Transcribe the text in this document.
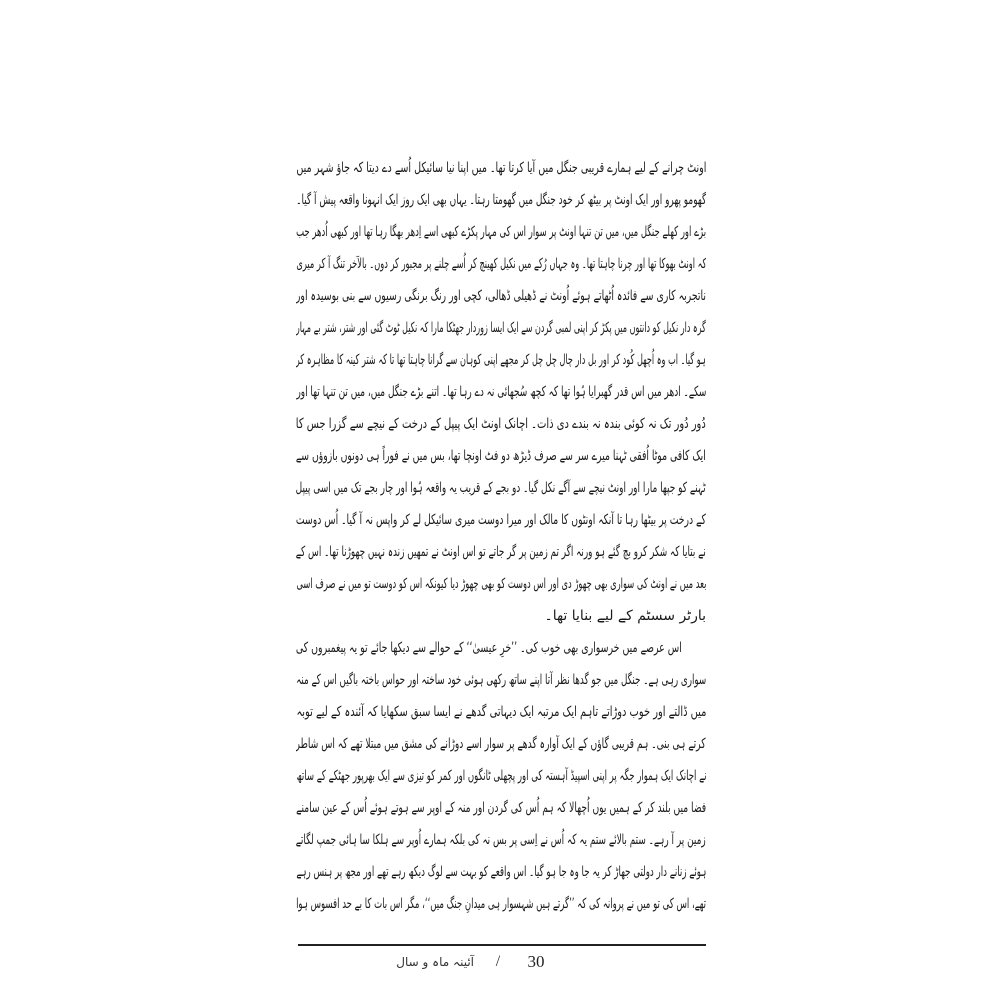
اونٹ چرانے کے لیے ہمارے قریبی جنگل میں آیا کرتا تھا۔ میں اپنا نیا سائیکل اُسے دے دیتا کہ جاؤ شہر میں
گھومو پھرو اور ایک اونٹ پر بیٹھ کر خود جنگل میں گھومتا رہتا۔ یہاں بھی ایک روز ایک انہونا واقعہ پیش آ گیا۔
بڑے اور کھلے جنگل میں، میں تن تنہا اونٹ پر سوار اس کی مہار پکڑے کبھی اسے اِدھر بھگا رہا تھا اور کبھی اُدھر جب
کہ اونٹ بھوکا تھا اور چرنا چاہتا تھا۔ وہ جہاں رُکے میں نکیل کھینچ کر اُسے چلنے پر مجبور کر دوں۔ بالآخر تنگ آ کر میری
ناتجربہ کاری سے فائدہ اُٹھاتے ہوئے اُونٹ نے ڈھیلی ڈھالی، کچی اور رنگ برنگی رسیوں سے بنی بوسیدہ اور
گرہ دار نکیل کو دانتوں میں پکڑ کر اپنی لمبی گردن سے ایک ایسا زوردار جھٹکا مارا کہ نکیل ٹوٹ گئی اور شتر، شتر بے مہار
ہو گیا۔ اب وہ اُچھل کُود کر اور بل دار چال چل چل کر مجھے اپنی کوہان سے گرانا چاہتا تھا تا کہ شتر کینہ کا مظاہرہ کر
سکے۔ ادھر میں اس قدر گھبرایا ہُوا تھا کہ کچھ سُجھائی نہ دے رہا تھا۔ اتنے بڑے جنگل میں، میں تن تنہا تھا اور
دُور دُور تک نہ کوئی بندہ نہ بندے دی ذات۔ اچانک اونٹ ایک پیپل کے درخت کے نیچے سے گزرا جس کا
ایک کافی موٹا اُفقی ٹہنا میرے سر سے صرف ڈیڑھ دو فٹ اونچا تھا، بس میں نے فوراً ہی دونوں بازوؤں سے
ٹہنے کو جپھا مارا اور اونٹ نیچے سے آگے نکل گیا۔ دو بجے کے قریب یہ واقعہ ہُوا اور چار بجے تک میں اسی پیپل
کے درخت پر بیٹھا رہا تا آنکہ اونٹوں کا مالک اور میرا دوست میری سائیکل لے کر واپس نہ آ گیا۔ اُس دوست
نے بتایا کہ شکر کرو بچ گئے ہو ورنہ اگر تم زمین پر گر جاتے تو اس اونٹ نے تمھیں زندہ نہیں چھوڑنا تھا۔ اس کے
بعد میں نے اونٹ کی سواری بھی چھوڑ دی اور اس دوست کو بھی چھوڑ دیا کیونکہ اس کو دوست تو میں نے صرف اسی
بارٹر سسٹم کے لیے بنایا تھا۔
اس عرصے میں خرسواری بھی خوب کی۔ ’’خرِ عیسیٰ‘‘ کے حوالے سے دیکھا جائے تو یہ پیغمبروں کی
سواری رہی ہے۔ جنگل میں جو گدھا نظر آتا اپنے ساتھ رکھی ہوئی خود ساختہ اور حواس باختہ باگیں اس کے منہ
میں ڈالتے اور خوب دوڑاتے تاہم ایک مرتبہ ایک دیہاتی گدھے نے ایسا سبق سکھایا کہ آئندہ کے لیے توبہ
کرتے ہی بنی۔ ہم قریبی گاؤں کے ایک آوارہ گدھے پر سوار اسے دوڑانے کی مشق میں مبتلا تھے کہ اس شاطر
نے اچانک ایک ہموار جگہ پر اپنی اسپیڈ آہستہ کی اور پچھلی ٹانگوں اور کمر کو تیزی سے ایک بھرپور جھٹکے کے ساتھ
فضا میں بلند کر کے ہمیں یوں اُچھالا کہ ہم اُس کی گردن اور منہ کے اوپر سے ہوتے ہوئے اُس کے عین سامنے
زمین پر آ رہے۔ ستم بالائے ستم یہ کہ اُس نے اِسی پر بس نہ کی بلکہ ہمارے اُوپر سے ہلکا سا ہائی جمپ لگاتے
ہوئے زنانے دار دولتی جھاڑ کر یہ جا وہ جا ہو گیا۔ اس واقعے کو بہت سے لوگ دیکھ رہے تھے اور مجھ پر ہنس رہے
تھے، اس کی تو میں نے پروانہ کی کہ ’’گرتے ہیں شہسوار ہی میدانِ جنگ میں‘‘، مگر اس بات کا بے حد افسوس ہوا
آئینہ ماہ و سال	/	30
